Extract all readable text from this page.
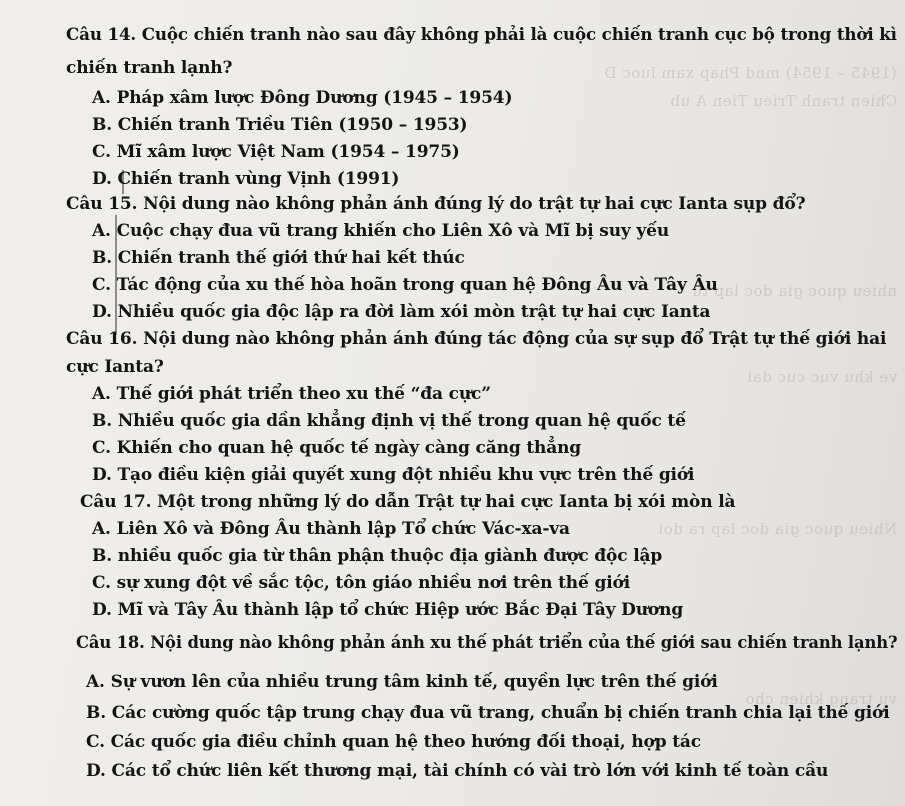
(1945 – 1954) mnd Phap xam luoc D
Chien tranh Trieu Tien A ub
nhieu quoc gia doc lap tu
ve khu vuc cuc dai
Nhieu quoc gia doc lap ra doi
vu trang khien cho
Câu 14. Cuộc chiến tranh nào sau đây không phải là cuộc chiến tranh cục bộ trong thời kì
chiến tranh lạnh?
A. Pháp xâm lược Đông Dương (1945 – 1954)
B. Chiến tranh Triều Tiên (1950 – 1953)
C. Mĩ xâm lược Việt Nam (1954 – 1975)
D. Chiến tranh vùng Vịnh (1991)
Câu 15. Nội dung nào không phản ánh đúng lý do trật tự hai cực Ianta sụp đổ?
A. Cuộc chạy đua vũ trang khiến cho Liên Xô và Mĩ bị suy yếu
B. Chiến tranh thế giới thứ hai kết thúc
C. Tác động của xu thế hòa hoãn trong quan hệ Đông Âu và Tây Âu
D. Nhiều quốc gia độc lập ra đời làm xói mòn trật tự hai cực Ianta
Câu 16. Nội dung nào không phản ánh đúng tác động của sự sụp đổ Trật tự thế giới hai
cực Ianta?
A. Thế giới phát triển theo xu thế “đa cực”
B. Nhiều quốc gia dần khẳng định vị thế trong quan hệ quốc tế
C. Khiến cho quan hệ quốc tế ngày càng căng thẳng
D. Tạo điều kiện giải quyết xung đột nhiều khu vực trên thế giới
Câu 17. Một trong những lý do dẫn Trật tự hai cực Ianta bị xói mòn là
A. Liên Xô và Đông Âu thành lập Tổ chức Vác-xa-va
B. nhiều quốc gia từ thân phận thuộc địa giành được độc lập
C. sự xung đột về sắc tộc, tôn giáo nhiều nơi trên thế giới
D. Mĩ và Tây Âu thành lập tổ chức Hiệp ước Bắc Đại Tây Dương
Câu 18. Nội dung nào không phản ánh xu thế phát triển của thế giới sau chiến tranh lạnh?
A. Sự vươn lên của nhiều trung tâm kinh tế, quyền lực trên thế giới
B. Các cường quốc tập trung chạy đua vũ trang, chuẩn bị chiến tranh chia lại thế giới
C. Các quốc gia điều chỉnh quan hệ theo hướng đối thoại, hợp tác
D. Các tổ chức liên kết thương mại, tài chính có vài trò lớn với kinh tế toàn cầu
